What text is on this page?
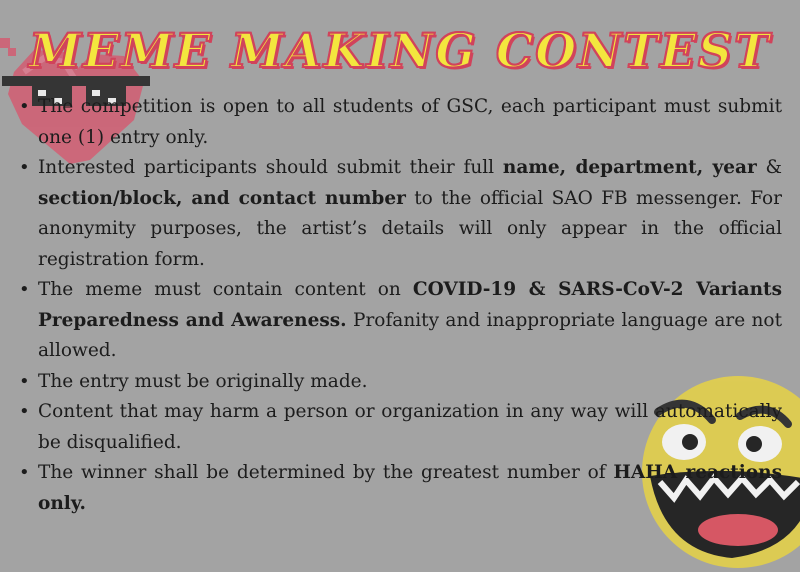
MEME MAKING CONTEST
• The competition is open to all students of GSC, each participant must submit one (1) entry only.
• Interested participants should submit their full name, department, year & section/block, and contact number to the official SAO FB messenger. For anonymity purposes, the artist’s details will only appear in the official registration form.
• The meme must contain content on COVID-19 & SARS-CoV-2 Variants Preparedness and Awareness. Profanity and inappropriate language are not allowed.
• The entry must be originally made.
• Content that may harm a person or organization in any way will automatically be disqualified.
• The winner shall be determined by the greatest number of HAHA reactions only.
